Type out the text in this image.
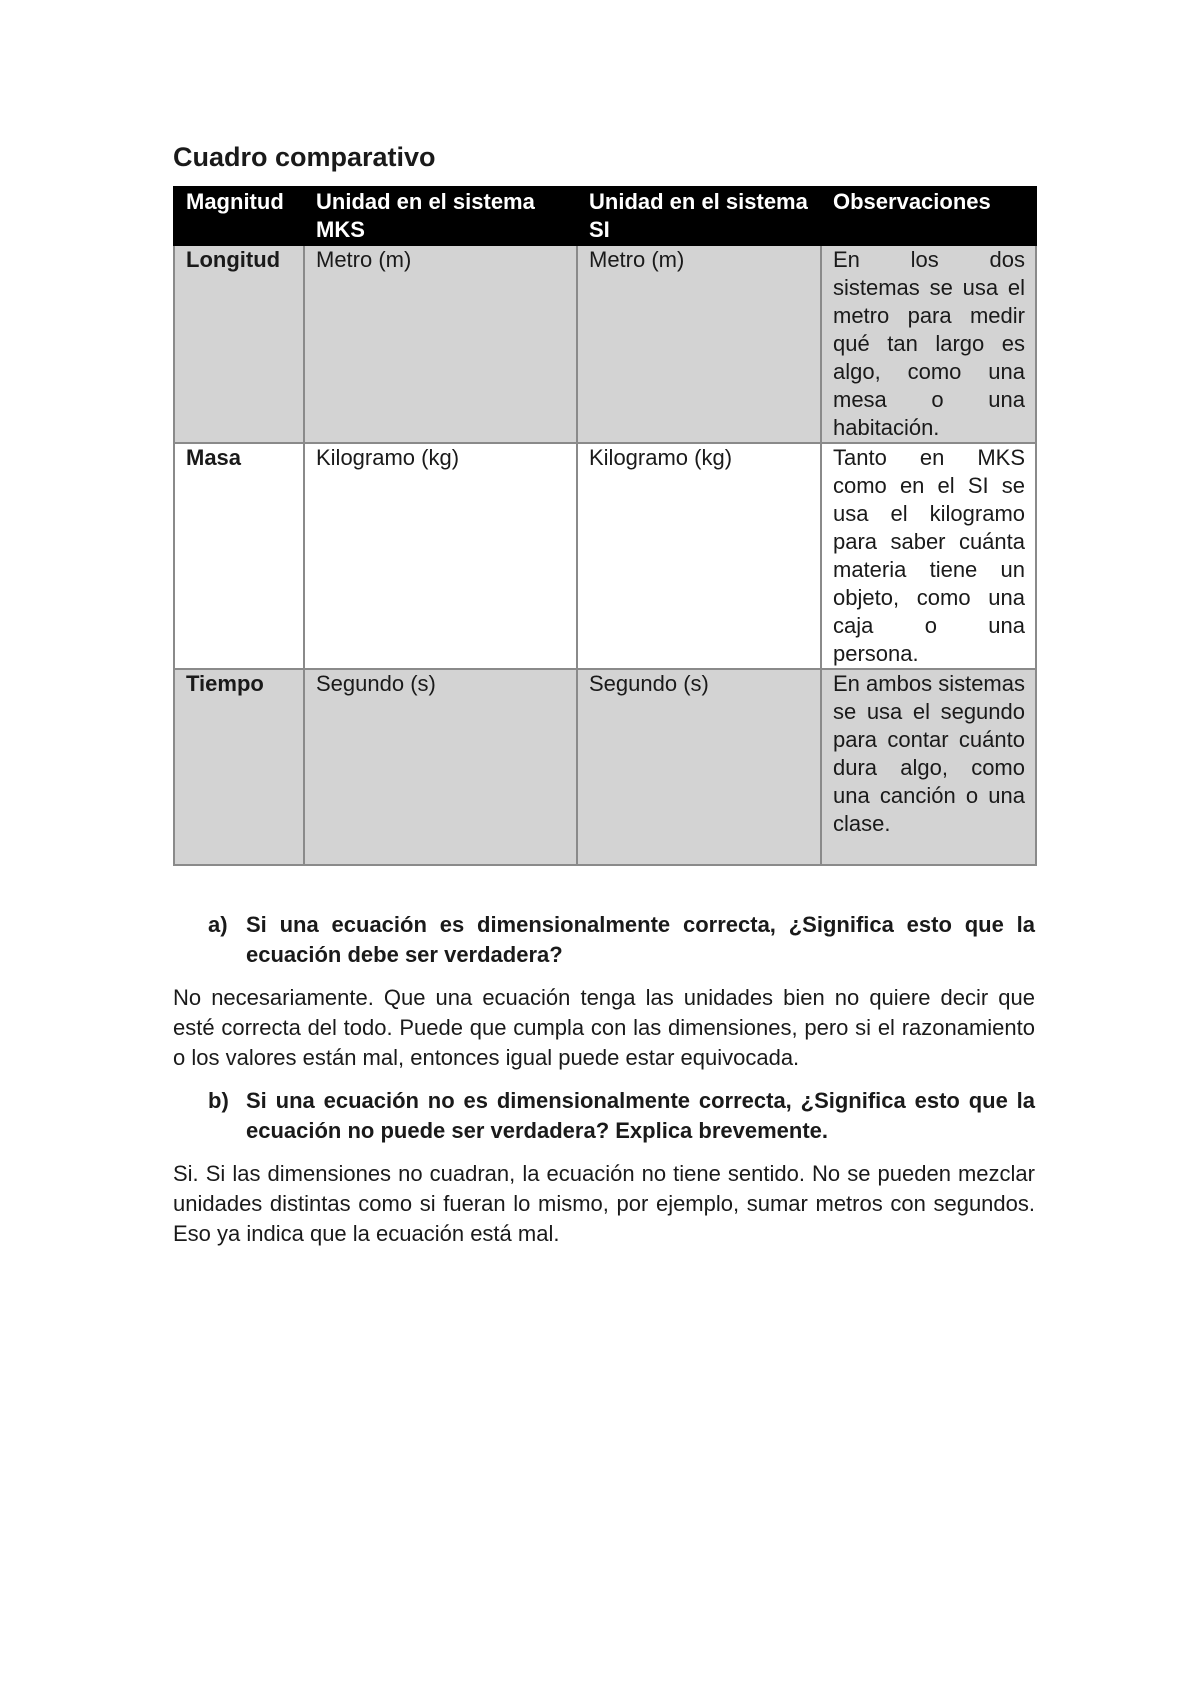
Cuadro comparativo
Magnitud	Unidad en el sistema MKS	Unidad en el sistema SI	Observaciones
Longitud	Metro (m)	Metro (m)	En los dos sistemas se usa el metro para medir qué tan largo es algo, como una mesa o una habitación.
Masa	Kilogramo (kg)	Kilogramo (kg)	Tanto en MKS como en el SI se usa el kilogramo para saber cuánta materia tiene un objeto, como una caja o una persona.
Tiempo	Segundo (s)	Segundo (s)	En ambos sistemas se usa el segundo para contar cuánto dura algo, como una canción o una clase.

a) Si una ecuación es dimensionalmente correcta, ¿Significa esto que la ecuación debe ser verdadera?

No necesariamente. Que una ecuación tenga las unidades bien no quiere decir que esté correcta del todo. Puede que cumpla con las dimensiones, pero si el razonamiento o los valores están mal, entonces igual puede estar equivocada.

b) Si una ecuación no es dimensionalmente correcta, ¿Significa esto que la ecuación no puede ser verdadera? Explica brevemente.

Si. Si las dimensiones no cuadran, la ecuación no tiene sentido. No se pueden mezclar unidades distintas como si fueran lo mismo, por ejemplo, sumar metros con segundos. Eso ya indica que la ecuación está mal.
